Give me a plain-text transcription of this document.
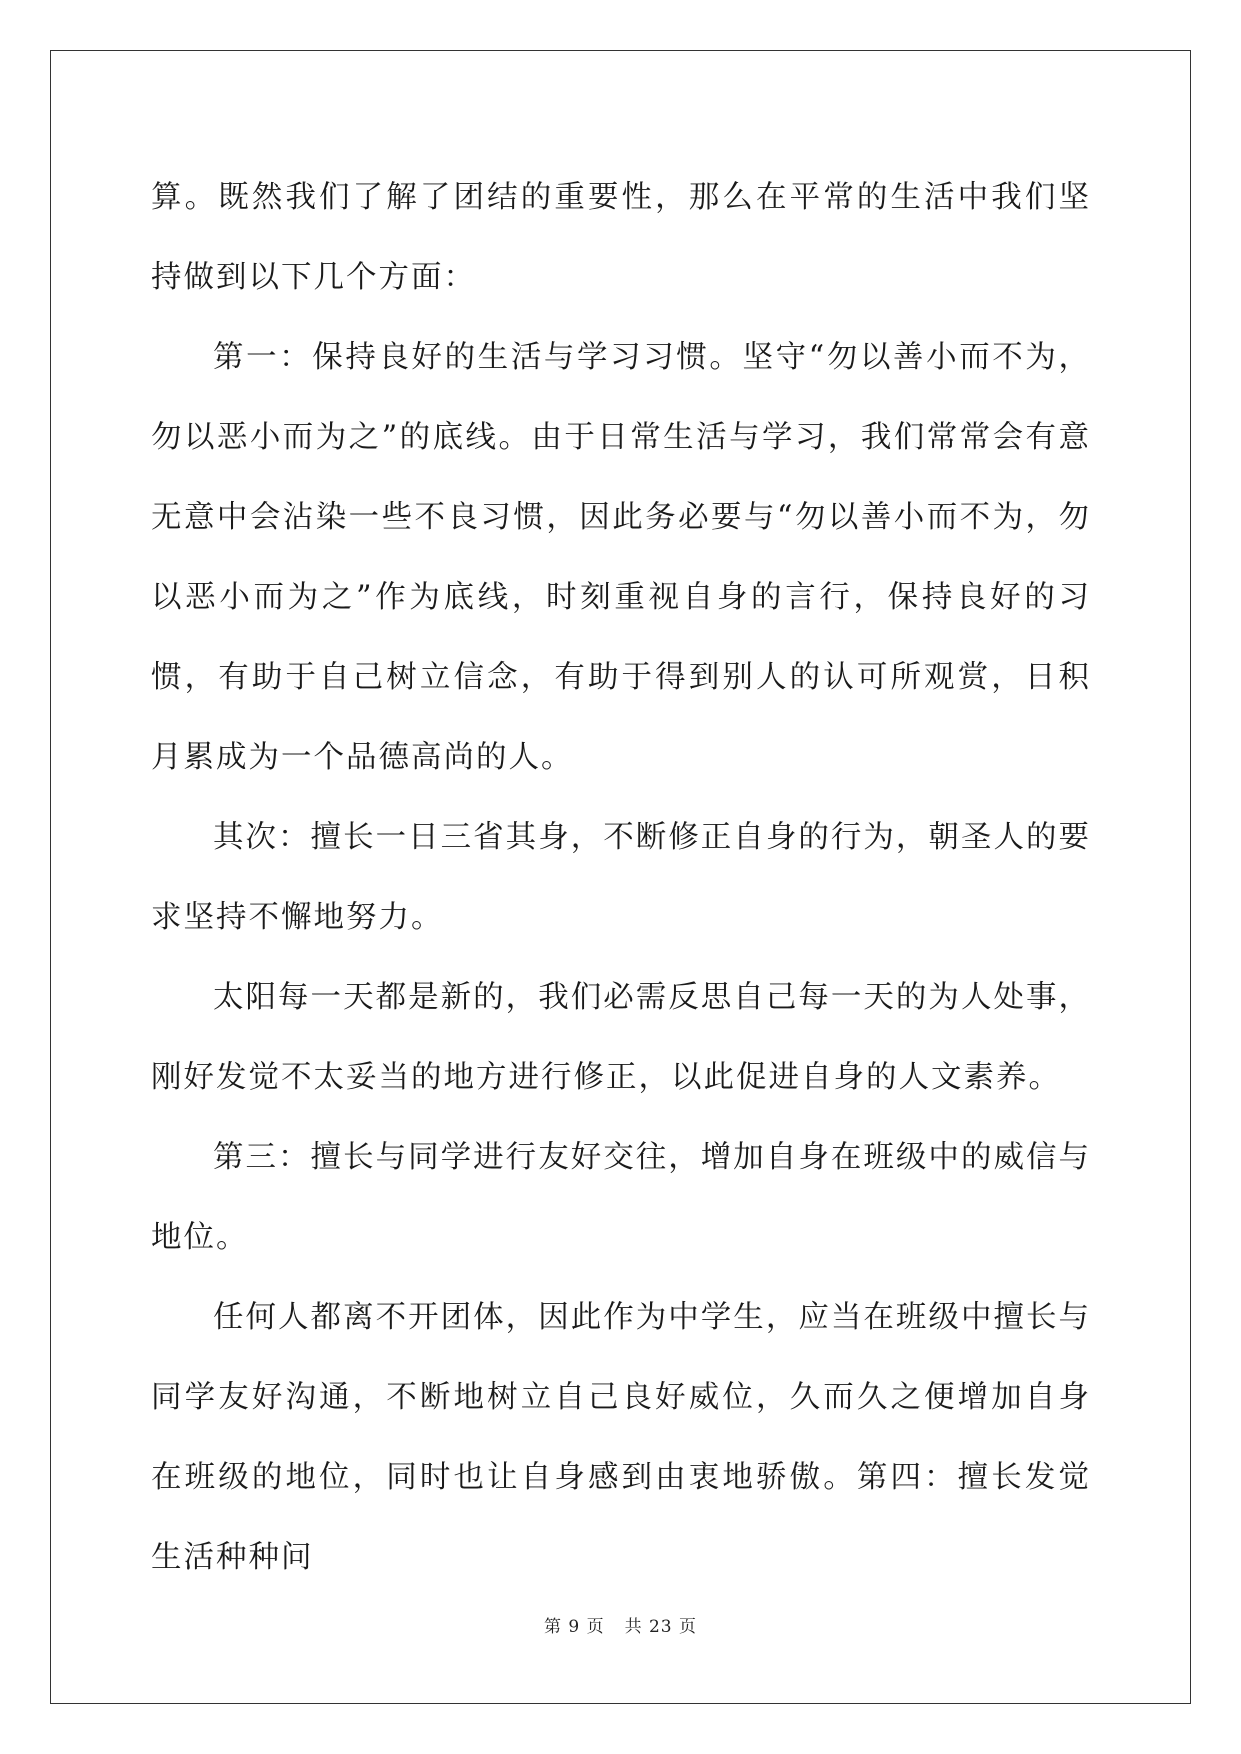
算。既然我们了解了团结的重要性，那么在平常的生活中我们坚持做到以下几个方面：

第一：保持良好的生活与学习习惯。坚守“勿以善小而不为，勿以恶小而为之”的底线。由于日常生活与学习，我们常常会有意无意中会沾染一些不良习惯，因此务必要与“勿以善小而不为，勿以恶小而为之”作为底线，时刻重视自身的言行，保持良好的习惯，有助于自己树立信念，有助于得到别人的认可所观赏，日积月累成为一个品德高尚的人。

其次：擅长一日三省其身，不断修正自身的行为，朝圣人的要求坚持不懈地努力。

太阳每一天都是新的，我们必需反思自己每一天的为人处事，刚好发觉不太妥当的地方进行修正，以此促进自身的人文素养。

第三：擅长与同学进行友好交往，增加自身在班级中的威信与地位。

任何人都离不开团体，因此作为中学生，应当在班级中擅长与同学友好沟通，不断地树立自己良好威位，久而久之便增加自身在班级的地位，同时也让自身感到由衷地骄傲。第四：擅长发觉生活种种问

第 9 页 共 23 页
